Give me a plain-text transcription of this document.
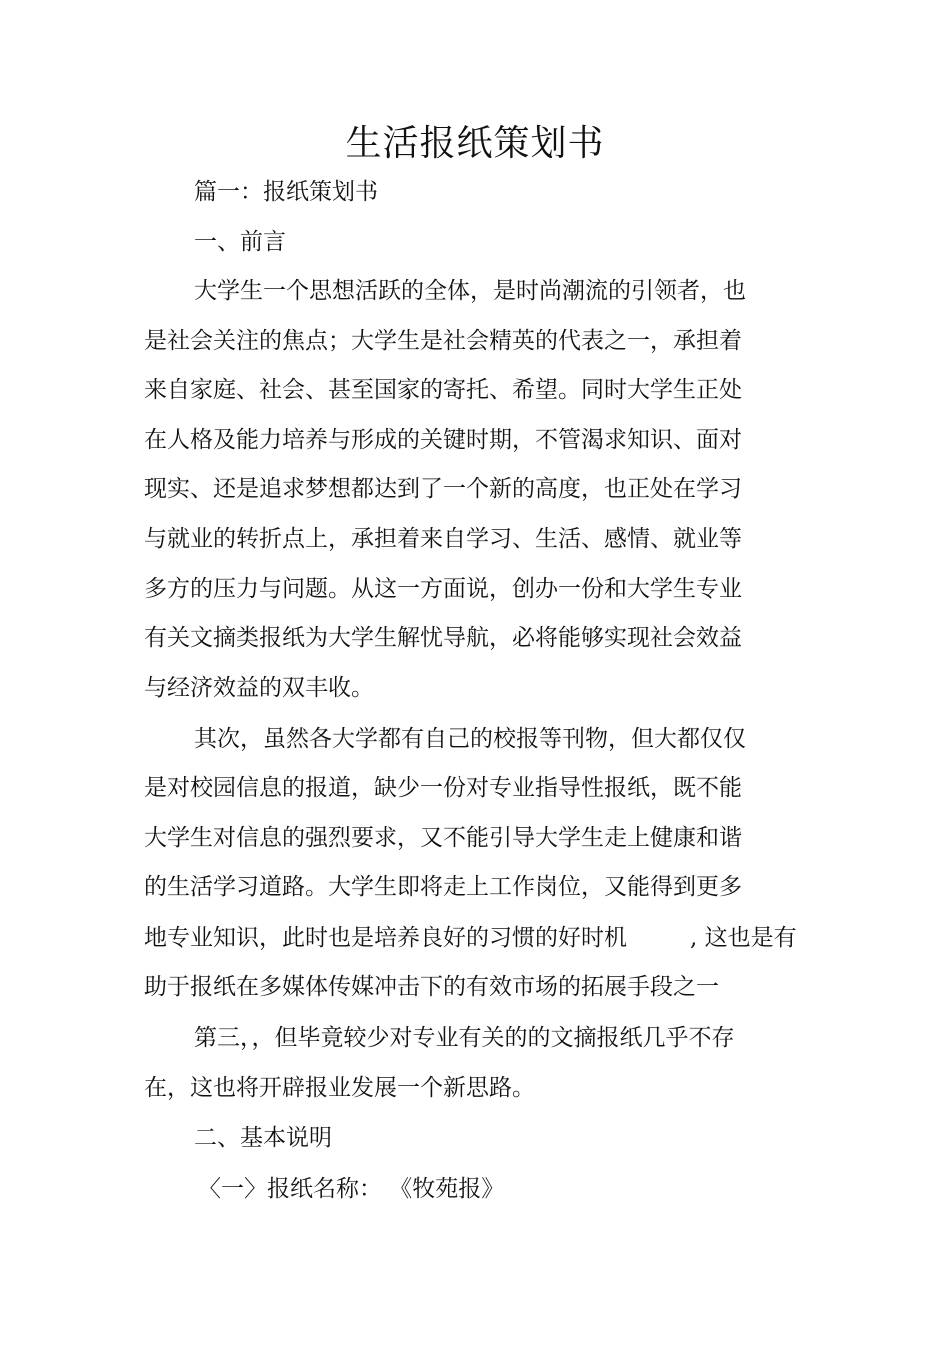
生活报纸策划书
篇一：报纸策划书
一、前言
大学生一个思想活跃的全体，是时尚潮流的引领者，也
是社会关注的焦点；大学生是社会精英的代表之一，承担着
来自家庭、社会、甚至国家的寄托、希望。同时大学生正处
在人格及能力培养与形成的关键时期，不管渴求知识、面对
现实、还是追求梦想都达到了一个新的高度，也正处在学习
与就业的转折点上，承担着来自学习、生活、感情、就业等
多方的压力与问题。从这一方面说，创办一份和大学生专业
有关文摘类报纸为大学生解忧导航，必将能够实现社会效益
与经济效益的双丰收。
其次，虽然各大学都有自己的校报等刊物，但大都仅仅
是对校园信息的报道，缺少一份对专业指导性报纸，既不能
大学生对信息的强烈要求，又不能引导大学生走上健康和谐
的生活学习道路。大学生即将走上工作岗位，又能得到更多
地专业知识，此时也是培养良好的习惯的好时机	, 这也是有
助于报纸在多媒体传媒冲击下的有效市场的拓展手段之一
第三，，但毕竟较少对专业有关的的文摘报纸几乎不存
在，这也将开辟报业发展一个新思路。
二、基本说明
〈一〉报纸名称： 《牧苑报》
